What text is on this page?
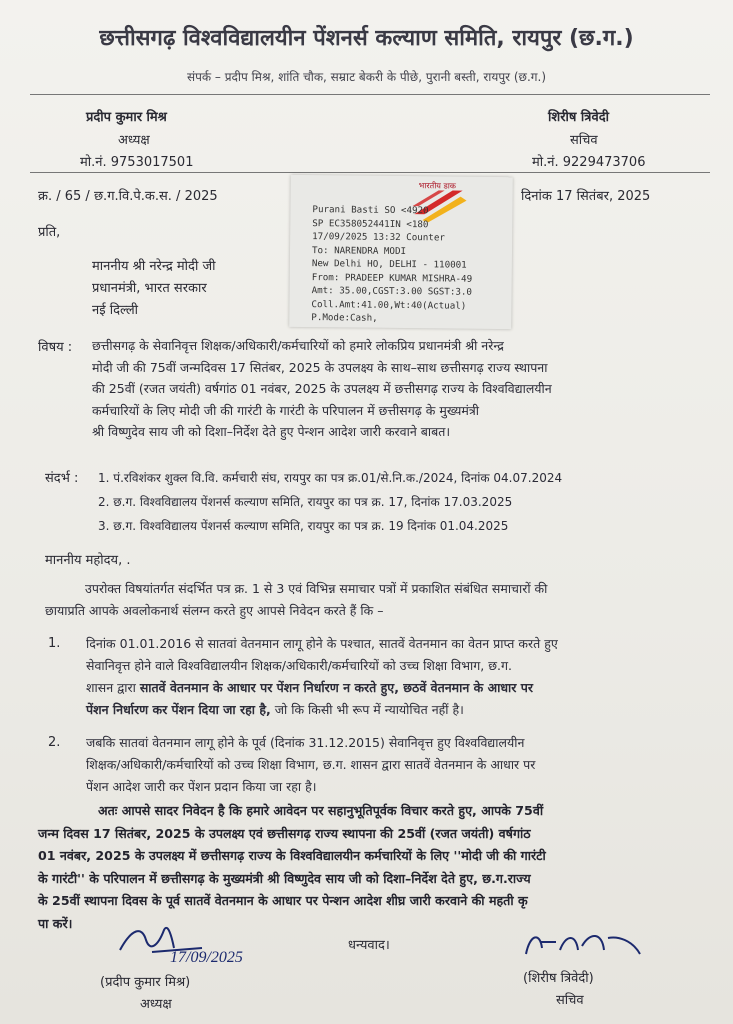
छत्तीसगढ़ विश्वविद्यालयीन पेंशनर्स कल्याण समिति, रायपुर (छ.ग.)
संपर्क – प्रदीप मिश्र, शांति चौक, सम्राट बेकरी के पीछे, पुरानी बस्ती, रायपुर (छ.ग.)
प्रदीप कुमार मिश्र
अध्यक्ष
मो.नं. 9753017501
शिरीष त्रिवेदी
सचिव
मो.नं. 9229473706
क्र. / 65 / छ.ग.वि.पे.क.स. / 2025	दिनांक 17 सितंबर, 2025
प्रति,
माननीय श्री नरेन्द्र मोदी जी
प्रधानमंत्री, भारत सरकार
नई दिल्ली
भारतीय डाक
Purani Basti SO <4920
SP EC358052441IN <180
17/09/2025 13:32 Counter
To: NARENDRA MODI
New Delhi HO, DELHI - 110001
From: PRADEEP KUMAR MISHRA-49
Amt: 35.00,CGST:3.00 SGST:3.0
Coll.Amt:41.00,Wt:40(Actual)
P.Mode:Cash,
विषय : छत्तीसगढ़ के सेवानिवृत्त शिक्षक/अधिकारी/कर्मचारियों को हमारे लोकप्रिय प्रधानमंत्री श्री नरेन्द्र
मोदी जी की 75वीं जन्मदिवस 17 सितंबर, 2025 के उपलक्ष्य के साथ–साथ छत्तीसगढ़ राज्य स्थापना
की 25वीं (रजत जयंती) वर्षगांठ 01 नवंबर, 2025 के उपलक्ष्य में छत्तीसगढ़ राज्य के विश्वविद्यालयीन
कर्मचारियों के लिए मोदी जी की गारंटी के गारंटी के परिपालन में छत्तीसगढ़ के मुख्यमंत्री
श्री विष्णुदेव साय जी को दिशा–निर्देश देते हुए पेन्शन आदेश जारी करवाने बाबत।
संदर्भ : 1. पं.रविशंकर शुक्ल वि.वि. कर्मचारी संघ, रायपुर का पत्र क्र.01/से.नि.क./2024, दिनांक 04.07.2024
2. छ.ग. विश्वविद्यालय पेंशनर्स कल्याण समिति, रायपुर का पत्र क्र. 17, दिनांक 17.03.2025
3. छ.ग. विश्वविद्यालय पेंशनर्स कल्याण समिति, रायपुर का पत्र क्र. 19 दिनांक 01.04.2025
माननीय महोदय, .
उपरोक्त विषयांतर्गत संदर्भित पत्र क्र. 1 से 3 एवं विभिन्न समाचार पत्रों में प्रकाशित संबंधित समाचारों की
छायाप्रति आपके अवलोकनार्थ संलग्न करते हुए आपसे निवेदन करते हैं कि –
1. दिनांक 01.01.2016 से सातवां वेतनमान लागू होने के पश्चात, सातवें वेतनमान का वेतन प्राप्त करते हुए
सेवानिवृत्त होने वाले विश्वविद्यालयीन शिक्षक/अधिकारी/कर्मचारियों को उच्च शिक्षा विभाग, छ.ग.
शासन द्वारा सातवें वेतनमान के आधार पर पेंशन निर्धारण न करते हुए, छठवें वेतनमान के आधार पर
पेंशन निर्धारण कर पेंशन दिया जा रहा है, जो कि किसी भी रूप में न्यायोचित नहीं है।
2. जबकि सातवां वेतनमान लागू होने के पूर्व (दिनांक 31.12.2015) सेवानिवृत्त हुए विश्वविद्यालयीन
शिक्षक/अधिकारी/कर्मचारियों को उच्च शिक्षा विभाग, छ.ग. शासन द्वारा सातवें वेतनमान के आधार पर
पेंशन आदेश जारी कर पेंशन प्रदान किया जा रहा है।
अतः आपसे सादर निवेदन है कि हमारे आवेदन पर सहानुभूतिपूर्वक विचार करते हुए, आपके 75वीं
जन्म दिवस 17 सितंबर, 2025 के उपलक्ष्य एवं छत्तीसगढ़ राज्य स्थापना की 25वीं (रजत जयंती) वर्षगांठ
01 नवंबर, 2025 के उपलक्ष्य में छत्तीसगढ़ राज्य के विश्वविद्यालयीन कर्मचारियों के लिए ''मोदी जी की गारंटी
के गारंटी'' के परिपालन में छत्तीसगढ़ के मुख्यमंत्री श्री विष्णुदेव साय जी को दिशा–निर्देश देते हुए, छ.ग.राज्य
के 25वीं स्थापना दिवस के पूर्व सातवें वेतनमान के आधार पर पेन्शन आदेश शीघ्र जारी करवाने की महती कृ
पा करें।
धन्यवाद।
17/09/2025
(प्रदीप कुमार मिश्र)
अध्यक्ष
(शिरीष त्रिवेदी)
सचिव
